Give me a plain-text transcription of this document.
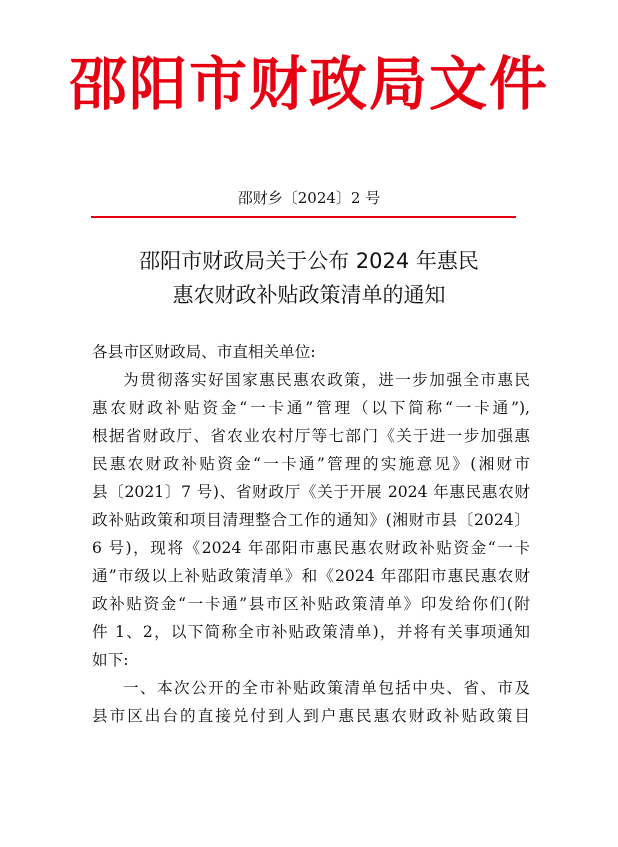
邵阳市财政局文件
邵财乡〔2024〕2 号
邵阳市财政局关于公布 2024 年惠民
惠农财政补贴政策清单的通知
各县市区财政局、市直相关单位:
为贯彻落实好国家惠民惠农政策，进一步加强全市惠民
惠农财政补贴资金“一卡通”管理（以下简称“一卡通”),
根据省财政厅、省农业农村厅等七部门《关于进一步加强惠
民惠农财政补贴资金“一卡通”管理的实施意见》(湘财市
县〔2021〕7 号)、省财政厅《关于开展 2024 年惠民惠农财
政补贴政策和项目清理整合工作的通知》(湘财市县〔2024〕
6 号)，现将《2024 年邵阳市惠民惠农财政补贴资金“一卡
通”市级以上补贴政策清单》和《2024 年邵阳市惠民惠农财
政补贴资金“一卡通”县市区补贴政策清单》印发给你们(附
件 1、2，以下简称全市补贴政策清单)，并将有关事项通知
如下:
一、本次公开的全市补贴政策清单包括中央、省、市及
县市区出台的直接兑付到人到户惠民惠农财政补贴政策目
